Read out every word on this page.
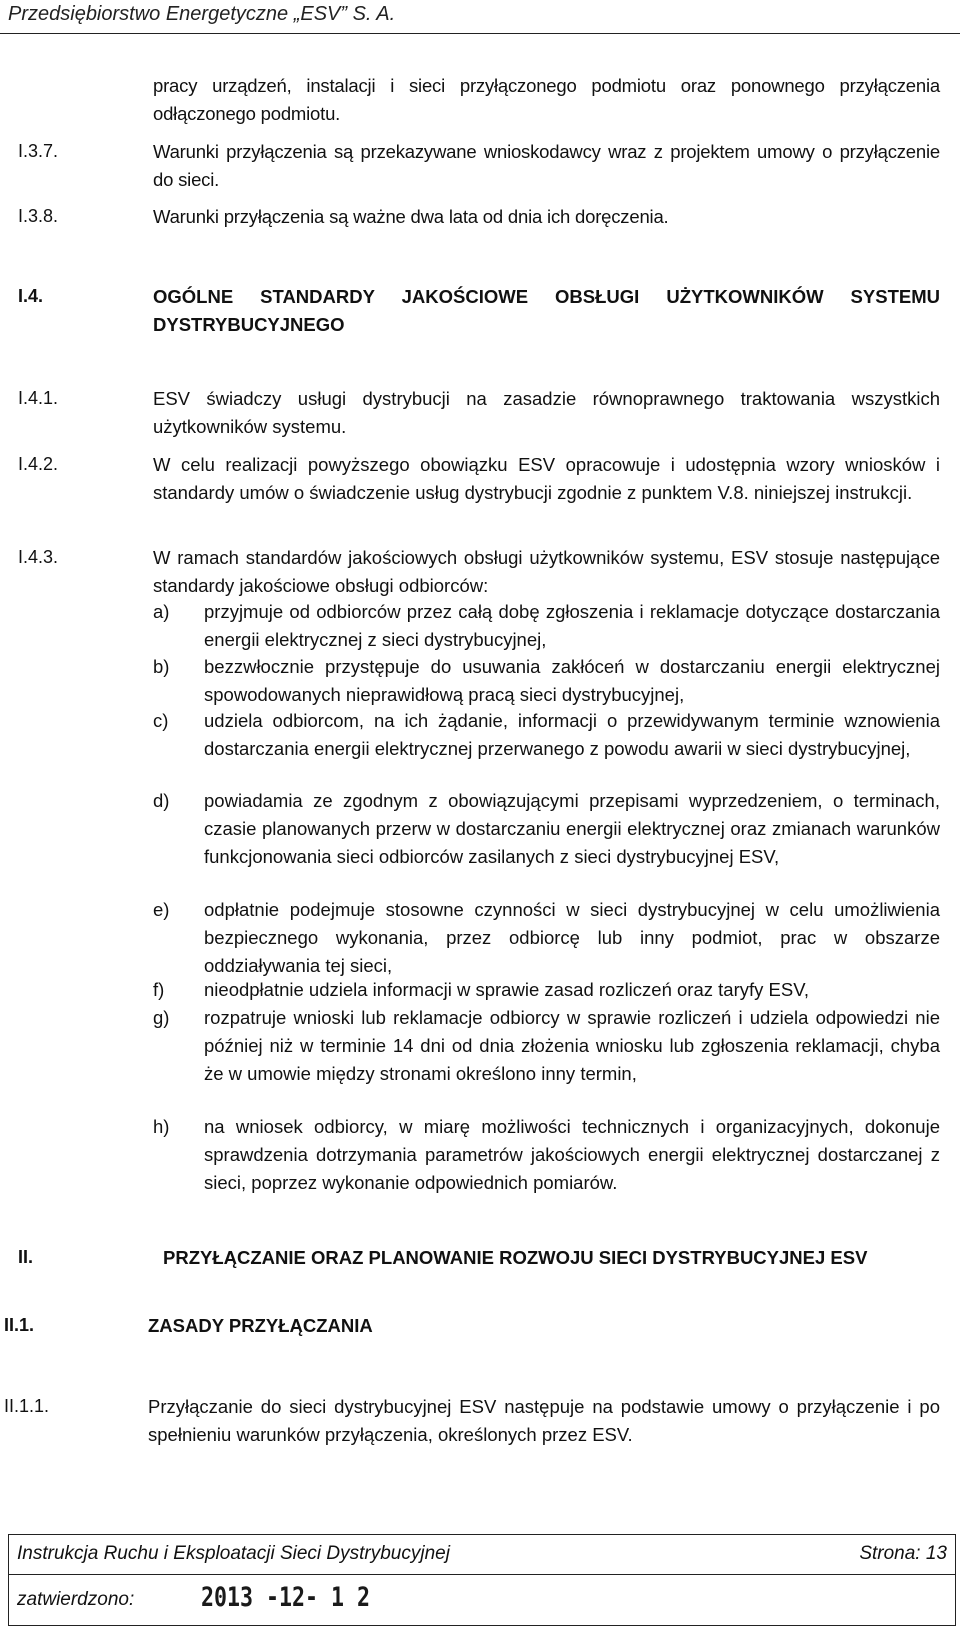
Przedsiębiorstwo Energetyczne „ESV” S. A.
pracy urządzeń, instalacji i sieci przyłączonego podmiotu oraz ponownego przyłączenia odłączonego podmiotu.
I.3.7.	Warunki przyłączenia są przekazywane wnioskodawcy wraz z projektem umowy o przyłączenie do sieci.
I.3.8.	Warunki przyłączenia są ważne dwa lata od dnia ich doręczenia.
I.4.	OGÓLNE STANDARDY JAKOŚCIOWE OBSŁUGI UŻYTKOWNIKÓW SYSTEMU DYSTRYBUCYJNEGO
I.4.1.	ESV świadczy usługi dystrybucji na zasadzie równoprawnego traktowania wszystkich użytkowników systemu.
I.4.2.	W celu realizacji powyższego obowiązku ESV opracowuje i udostępnia wzory wniosków i standardy umów o świadczenie usług dystrybucji zgodnie z punktem V.8. niniejszej instrukcji.
I.4.3.	W ramach standardów jakościowych obsługi użytkowników systemu, ESV stosuje następujące standardy jakościowe obsługi odbiorców:
a) przyjmuje od odbiorców przez całą dobę zgłoszenia i reklamacje dotyczące dostarczania energii elektrycznej z sieci dystrybucyjnej,
b) bezzwłocznie przystępuje do usuwania zakłóceń w dostarczaniu energii elektrycznej spowodowanych nieprawidłową pracą sieci dystrybucyjnej,
c) udziela odbiorcom, na ich żądanie, informacji o przewidywanym terminie wznowienia dostarczania energii elektrycznej przerwanego z powodu awarii w sieci dystrybucyjnej,
d) powiadamia ze zgodnym z obowiązującymi przepisami wyprzedzeniem, o terminach, czasie planowanych przerw w dostarczaniu energii elektrycznej oraz zmianach warunków funkcjonowania sieci odbiorców zasilanych z sieci dystrybucyjnej ESV,
e) odpłatnie podejmuje stosowne czynności w sieci dystrybucyjnej w celu umożliwienia bezpiecznego wykonania, przez odbiorcę lub inny podmiot, prac w obszarze oddziaływania tej sieci,
f) nieodpłatnie udziela informacji w sprawie zasad rozliczeń oraz taryfy ESV,
g) rozpatruje wnioski lub reklamacje odbiorcy w sprawie rozliczeń i udziela odpowiedzi nie później niż w terminie 14 dni od dnia złożenia wniosku lub zgłoszenia reklamacji, chyba że w umowie między stronami określono inny termin,
h) na wniosek odbiorcy, w miarę możliwości technicznych i organizacyjnych, dokonuje sprawdzenia dotrzymania parametrów jakościowych energii elektrycznej dostarczanej z sieci, poprzez wykonanie odpowiednich pomiarów.
II.	PRZYŁĄCZANIE ORAZ PLANOWANIE ROZWOJU SIECI DYSTRYBUCYJNEJ ESV
II.1.	ZASADY PRZYŁĄCZANIA
II.1.1.	Przyłączanie do sieci dystrybucyjnej ESV następuje na podstawie umowy o przyłączenie i po spełnieniu warunków przyłączenia, określonych przez ESV.
Instrukcja Ruchu i Eksploatacji Sieci Dystrybucyjnej	Strona: 13
zatwierdzono: 2013 -12- 1 2
